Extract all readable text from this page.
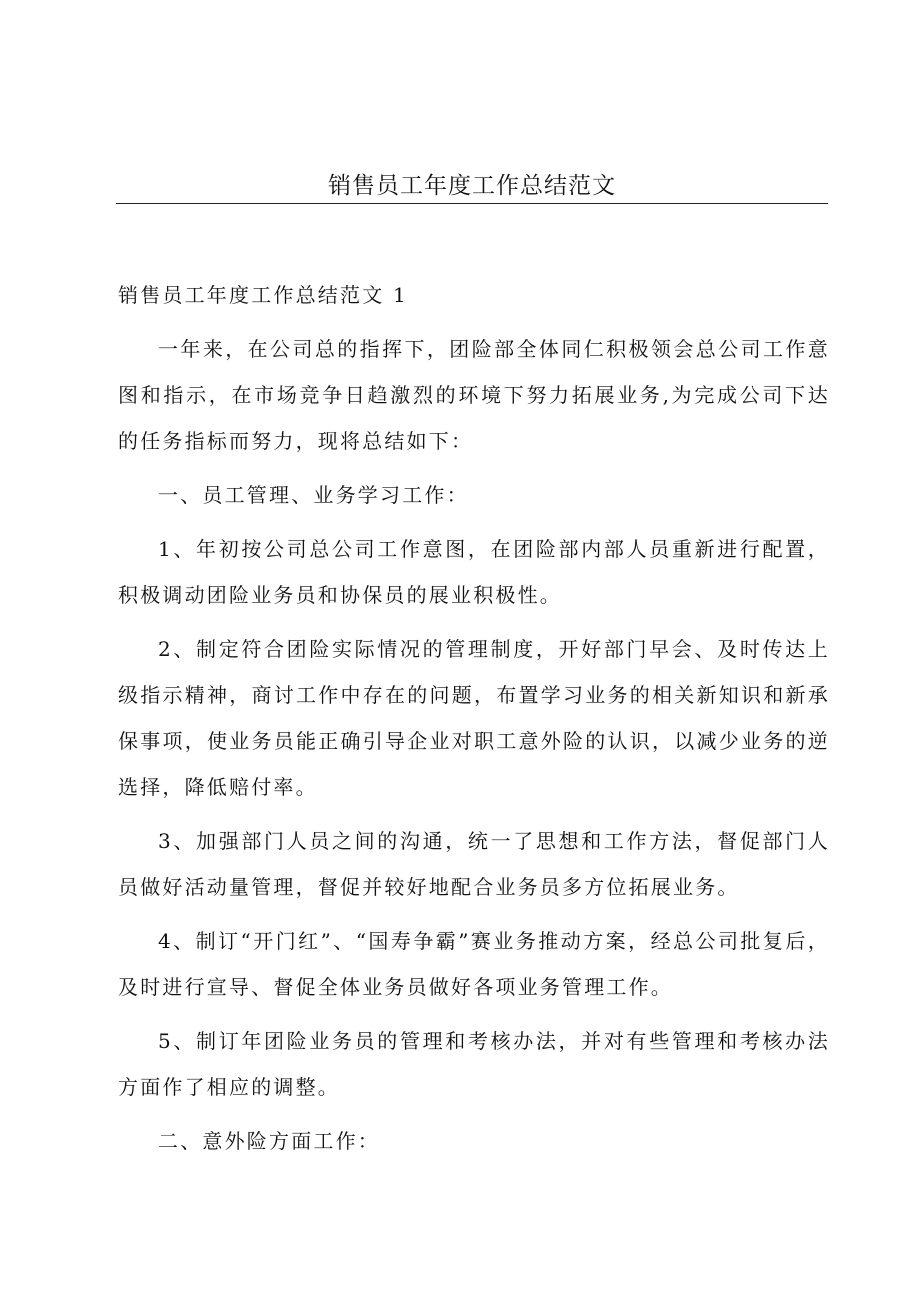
销售员工年度工作总结范文

销售员工年度工作总结范文 1

一年来，在公司总的指挥下，团险部全体同仁积极领会总公司工作意图和指示，在市场竞争日趋激烈的环境下努力拓展业务,为完成公司下达的任务指标而努力，现将总结如下：

一、员工管理、业务学习工作：

1、年初按公司总公司工作意图，在团险部内部人员重新进行配置，积极调动团险业务员和协保员的展业积极性。

2、制定符合团险实际情况的管理制度，开好部门早会、及时传达上级指示精神，商讨工作中存在的问题，布置学习业务的相关新知识和新承保事项，使业务员能正确引导企业对职工意外险的认识，以减少业务的逆选择，降低赔付率。

3、加强部门人员之间的沟通，统一了思想和工作方法，督促部门人员做好活动量管理，督促并较好地配合业务员多方位拓展业务。

4、制订“开门红”、“国寿争霸”赛业务推动方案，经总公司批复后，及时进行宣导、督促全体业务员做好各项业务管理工作。

5、制订年团险业务员的管理和考核办法，并对有些管理和考核办法方面作了相应的调整。

二、意外险方面工作：
